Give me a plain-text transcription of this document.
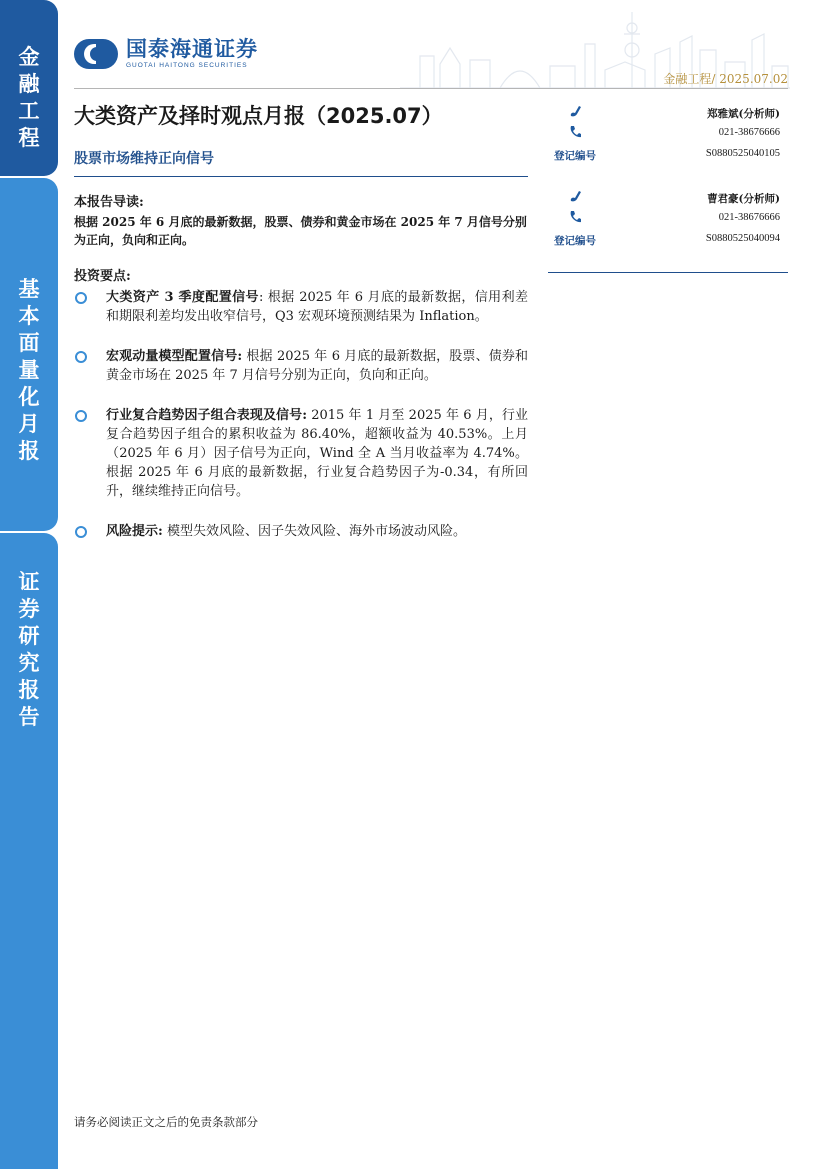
金
融
工
程
基
本
面
量
化
月
报
证
券
研
究
报
告
国泰海通证券
GUOTAI HAITONG SECURITIES
金融工程/ 2025.07.02
大类资产及择时观点月报（2025.07）
股票市场维持正向信号
本报告导读:
根据 2025 年 6 月底的最新数据，股票、债券和黄金市场在 2025 年 7 月信号分别为正向，负向和正向。
投资要点:
大类资产 3 季度配置信号: 根据 2025 年 6 月底的最新数据，信用利差和期限利差均发出收窄信号，Q3 宏观环境预测结果为 Inflation。
宏观动量模型配置信号: 根据 2025 年 6 月底的最新数据，股票、债券和黄金市场在 2025 年 7 月信号分别为正向，负向和正向。
行业复合趋势因子组合表现及信号: 2015 年 1 月至 2025 年 6 月，行业复合趋势因子组合的累积收益为 86.40%，超额收益为 40.53%。上月（2025 年 6 月）因子信号为正向，Wind 全 A 当月收益率为 4.74%。根据 2025 年 6 月底的最新数据，行业复合趋势因子为-0.34，有所回升，继续维持正向信号。
风险提示: 模型失效风险、因子失效风险、海外市场波动风险。
郑雅斌(分析师)
021-38676666
登记编号	S0880525040105
曹君豪(分析师)
021-38676666
登记编号	S0880525040094
请务必阅读正文之后的免责条款部分
